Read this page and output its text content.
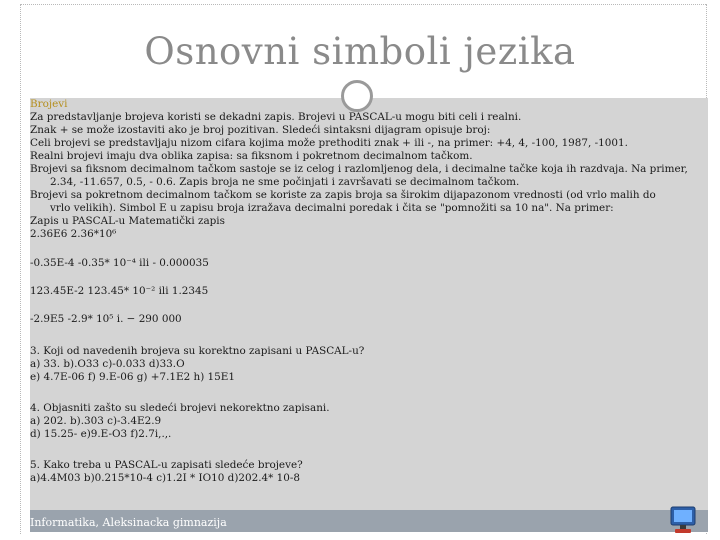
Osnovni simboli jezika
Brojevi
Za predstavljanje brojeva koristi se dekadni zapis. Brojevi u PASCAL-u mogu biti celi i realni.
Znak + se može izostaviti ako je broj pozitivan. Sledeći sintaksni dijagram opisuje broj:
Celi brojevi se predstavljaju nizom cifara kojima može prethoditi znak + ili -, na primer: +4, 4, -100, 1987, -1001.
Realni brojevi imaju dva oblika zapisa: sa fiksnom i pokretnom decimalnom tačkom.
Brojevi sa fiksnom decimalnom tačkom sastoje se iz celog i razlomljenog dela, i decimalne tačke koja ih razdvaja. Na primer,
2.34, -11.657, 0.5, - 0.6. Zapis broja ne sme počinjati i završavati se decimalnom tačkom.
Brojevi sa pokretnom decimalnom tačkom se koriste za zapis broja sa širokim dijapazonom vrednosti (od vrlo malih do
vrlo velikih). Simbol E u zapisu broja izražava decimalni poredak i čita se "pomnožiti sa 10 na". Na primer:
Zapis u PASCAL-u Matematički zapis
2.36E6 2.36*10⁶
-0.35E-4 -0.35* 10⁻⁴ ili - 0.000035
123.45E-2 123.45* 10⁻² ili 1.2345
-2.9E5 -2.9* 10⁵ i. − 290 000
3. Koji od navedenih brojeva su korektno zapisani u PASCAL-u?
a) 33. b).O33 c)-0.033 d)33.O
e) 4.7E-06 f) 9.E-06 g) +7.1E2 h) 15E1
4. Objasniti zašto su sledeći brojevi nekorektno zapisani.
a) 202. b).303 c)-3.4E2.9
d) 15.25- e)9.E-O3 f)2.7i,.,.
5. Kako treba u PASCAL-u zapisati sledeće brojeve?
a)4.4M03 b)0.215*10-4 c)1.2I * IO10 d)202.4* 10-8
Informatika, Aleksinacka gimnazija
